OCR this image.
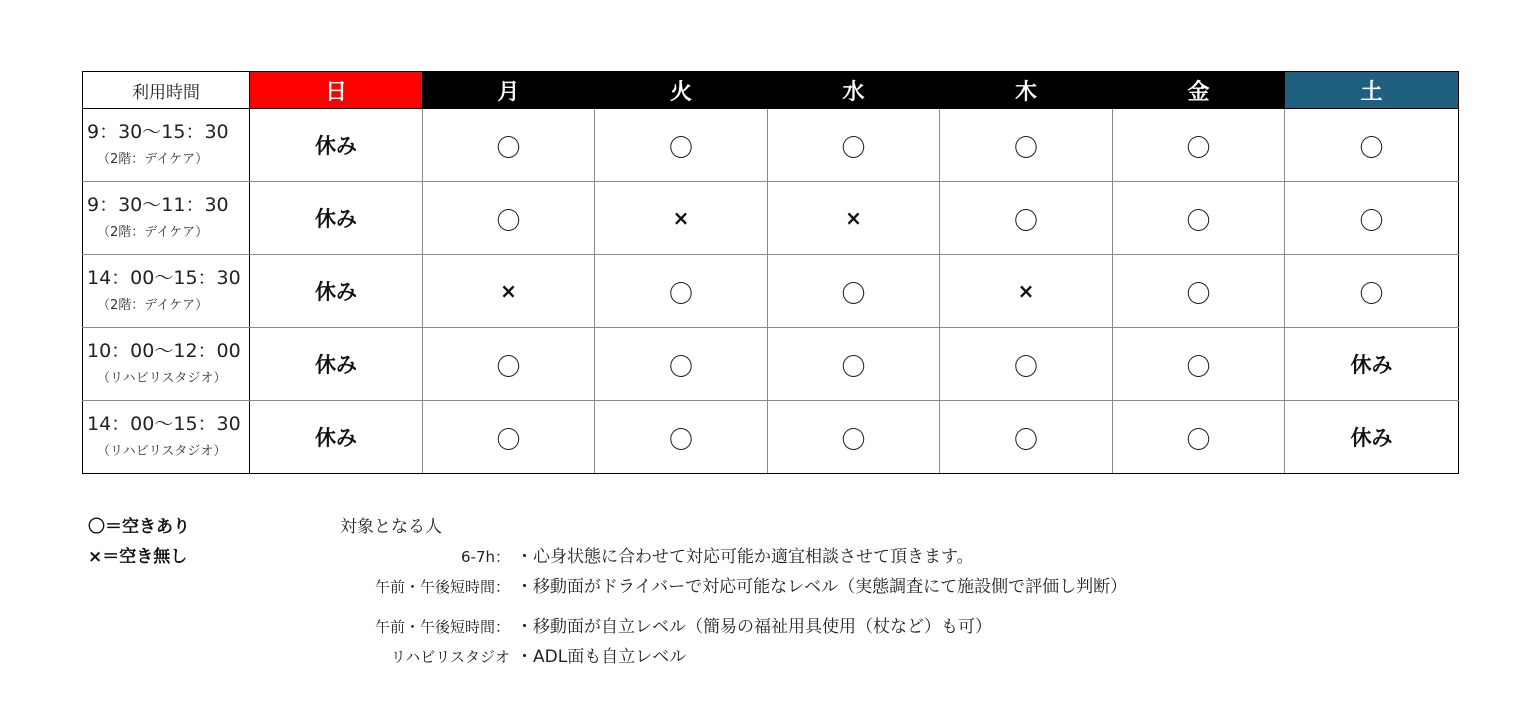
利用時間	日	月	火	水	木	金	土

9：30〜15：30
（2階：デイケア）	休み	〇	〇	〇	〇	〇	〇

9：30〜11：30
（2階：デイケア）	休み	〇	×	×	〇	〇	〇

14：00〜15：30
（2階：デイケア）	休み	×	〇	〇	×	〇	〇

10：00〜12：00
（リハビリスタジオ）	休み	〇	〇	〇	〇	〇	休み

14：00〜15：30
（リハビリスタジオ）	休み	〇	〇	〇	〇	〇	休み
〇＝空きあり
×＝空き無し
対象となる人
6-7h： ・心身状態に合わせて対応可能か適宜相談させて頂きます。
午前・午後短時間： ・移動面がドライバーで対応可能なレベル（実態調査にて施設側で評価し判断）
午前・午後短時間： ・移動面が自立レベル（簡易の福祉用具使用（杖など）も可）
リハビリスタジオ ・ADL面も自立レベル
